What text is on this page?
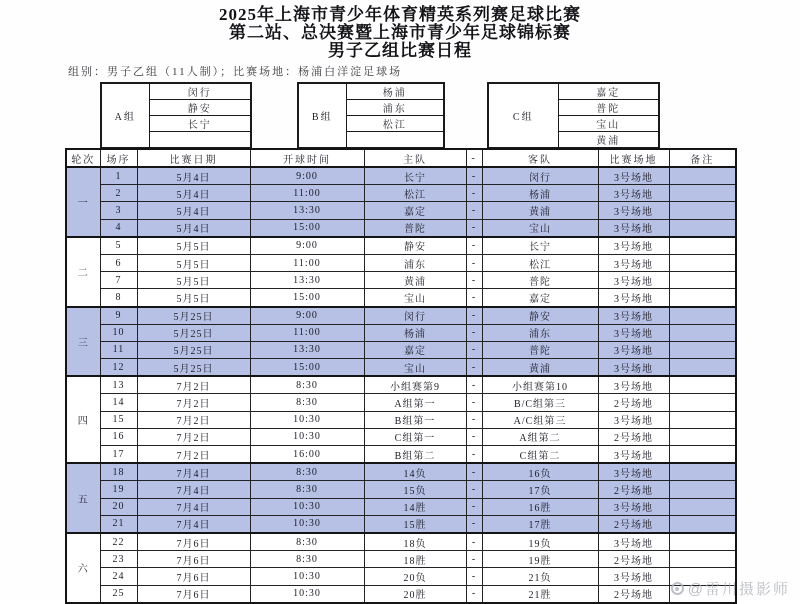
2025年上海市青少年体育精英系列赛足球比赛
第二站、总决赛暨上海市青少年足球锦标赛
男子乙组比赛日程
组别：男子乙组（11人制）；比赛场地：杨浦白洋淀足球场
A组	闵行
静安
长宁

B组	杨浦
浦东
松江

C组	嘉定
普陀
宝山
黄浦
轮次	场序	比赛日期	开球时间	主队	-	客队	比赛场地	备注
一	1	5月4日	9:00	长宁	-	闵行	3号场地	
	2	5月4日	11:00	松江	-	杨浦	3号场地	
	3	5月4日	13:30	嘉定	-	黄浦	3号场地	
	4	5月4日	15:00	普陀	-	宝山	3号场地	
二	5	5月5日	9:00	静安	-	长宁	3号场地	
	6	5月5日	11:00	浦东	-	松江	3号场地	
	7	5月5日	13:30	黄浦	-	普陀	3号场地	
	8	5月5日	15:00	宝山	-	嘉定	3号场地	
三	9	5月25日	9:00	闵行	-	静安	3号场地	
	10	5月25日	11:00	杨浦	-	浦东	3号场地	
	11	5月25日	13:30	嘉定	-	普陀	3号场地	
	12	5月25日	15:00	宝山	-	黄浦	3号场地	
四	13	7月2日	8:30	小组赛第9	-	小组赛第10	3号场地	
	14	7月2日	8:30	A组第一	-	B/C组第三	2号场地	
	15	7月2日	10:30	B组第一	-	A/C组第三	3号场地	
	16	7月2日	10:30	C组第一	-	A组第二	2号场地	
	17	7月2日	16:00	B组第二	-	C组第二	3号场地	
五	18	7月4日	8:30	14负	-	16负	3号场地	
	19	7月4日	8:30	15负	-	17负	2号场地	
	20	7月4日	10:30	14胜	-	16胜	3号场地	
	21	7月4日	10:30	15胜	-	17胜	2号场地	
六	22	7月6日	8:30	18负	-	19负	3号场地	
	23	7月6日	8:30	18胜	-	19胜	2号场地	
	24	7月6日	10:30	20负	-	21负	3号场地	
	25	7月6日	10:30	20胜	-	21胜	2号场地	@雷川摄影师
